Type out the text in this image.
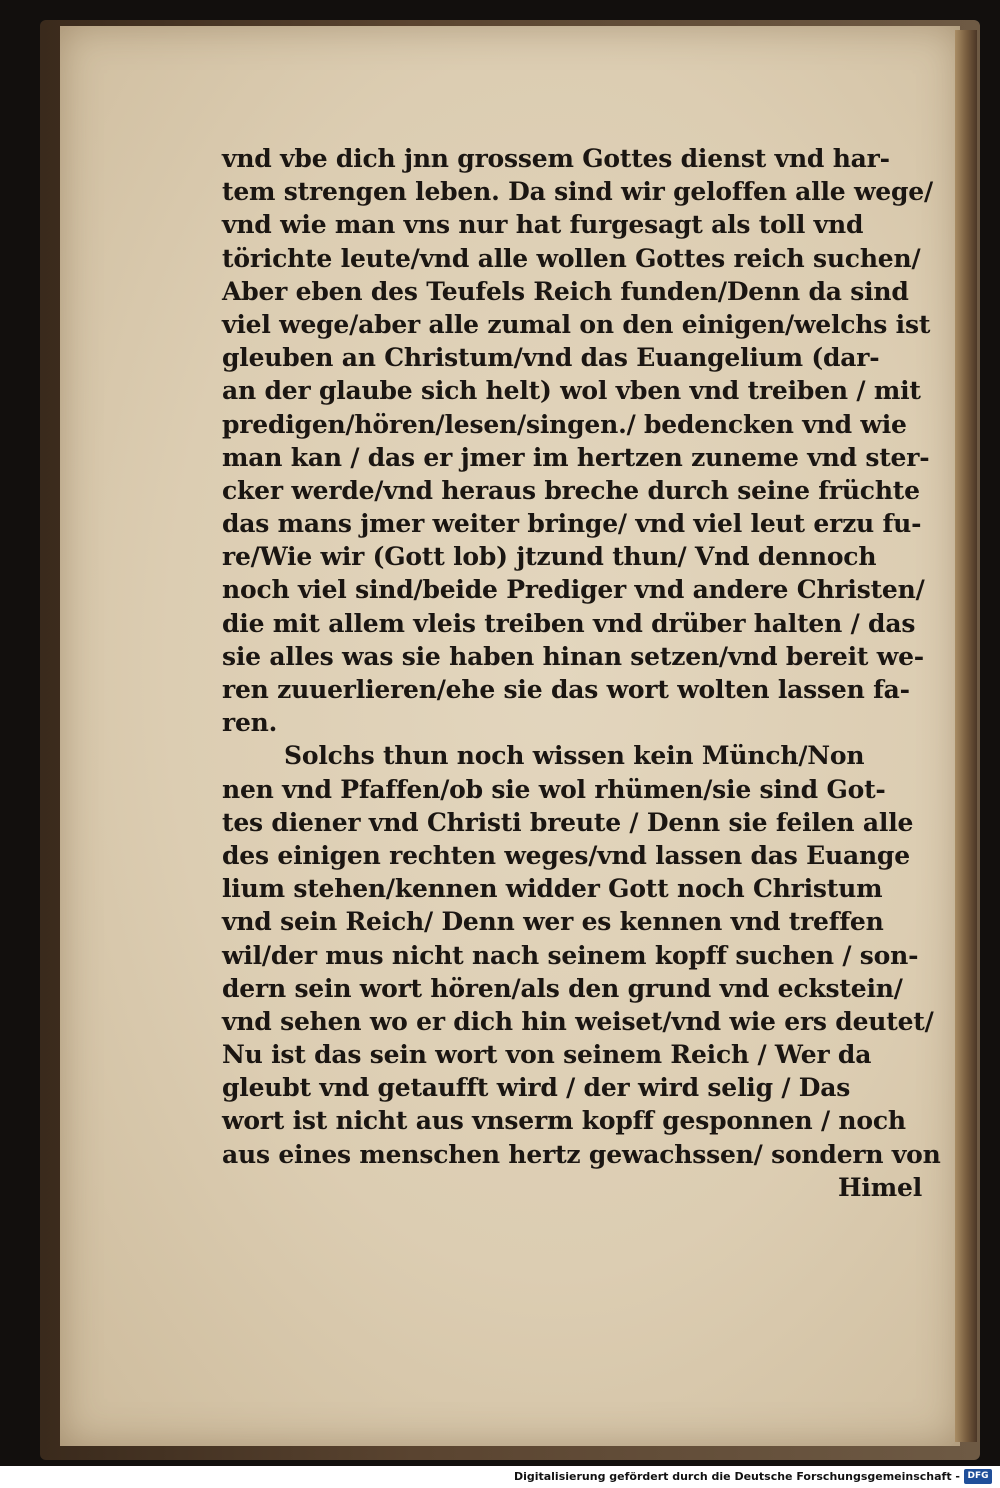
vnd vbe dich jnn grossem Gottes dienst vnd har-
tem strengen leben. Da sind wir geloffen alle wege/
vnd wie man vns nur hat furgesagt als toll vnd
törichte leute/vnd alle wollen Gottes reich suchen/
Aber eben des Teufels Reich funden/Denn da sind
viel wege/aber alle zumal on den einigen/welchs ist
gleuben an Christum/vnd das Euangelium (dar-
an der glaube sich helt) wol vben vnd treiben / mit
predigen/hören/lesen/singen./ bedencken vnd wie
man kan / das er jmer im hertzen zuneme vnd ster-
cker werde/vnd heraus breche durch seine früchte
das mans jmer weiter bringe/ vnd viel leut erzu fu-
re/Wie wir (Gott lob) jtzund thun/ Vnd dennoch
noch viel sind/beide Prediger vnd andere Christen/
die mit allem vleis treiben vnd drüber halten / das
sie alles was sie haben hinan setzen/vnd bereit we-
ren zuuerlieren/ehe sie das wort wolten lassen fa-
ren.
Solchs thun noch wissen kein Münch/Non
nen vnd Pfaffen/ob sie wol rhümen/sie sind Got-
tes diener vnd Christi breute / Denn sie feilen alle
des einigen rechten weges/vnd lassen das Euange
lium stehen/kennen widder Gott noch Christum
vnd sein Reich/ Denn wer es kennen vnd treffen
wil/der mus nicht nach seinem kopff suchen / son-
dern sein wort hören/als den grund vnd eckstein/
vnd sehen wo er dich hin weiset/vnd wie ers deutet/
Nu ist das sein wort von seinem Reich / Wer da
gleubt vnd getaufft wird / der wird selig / Das
wort ist nicht aus vnserm kopff gesponnen / noch
aus eines menschen hertz gewachssen/ sondern von
Himel
Digitalisierung gefördert durch die Deutsche Forschungsgemeinschaft - DFG
